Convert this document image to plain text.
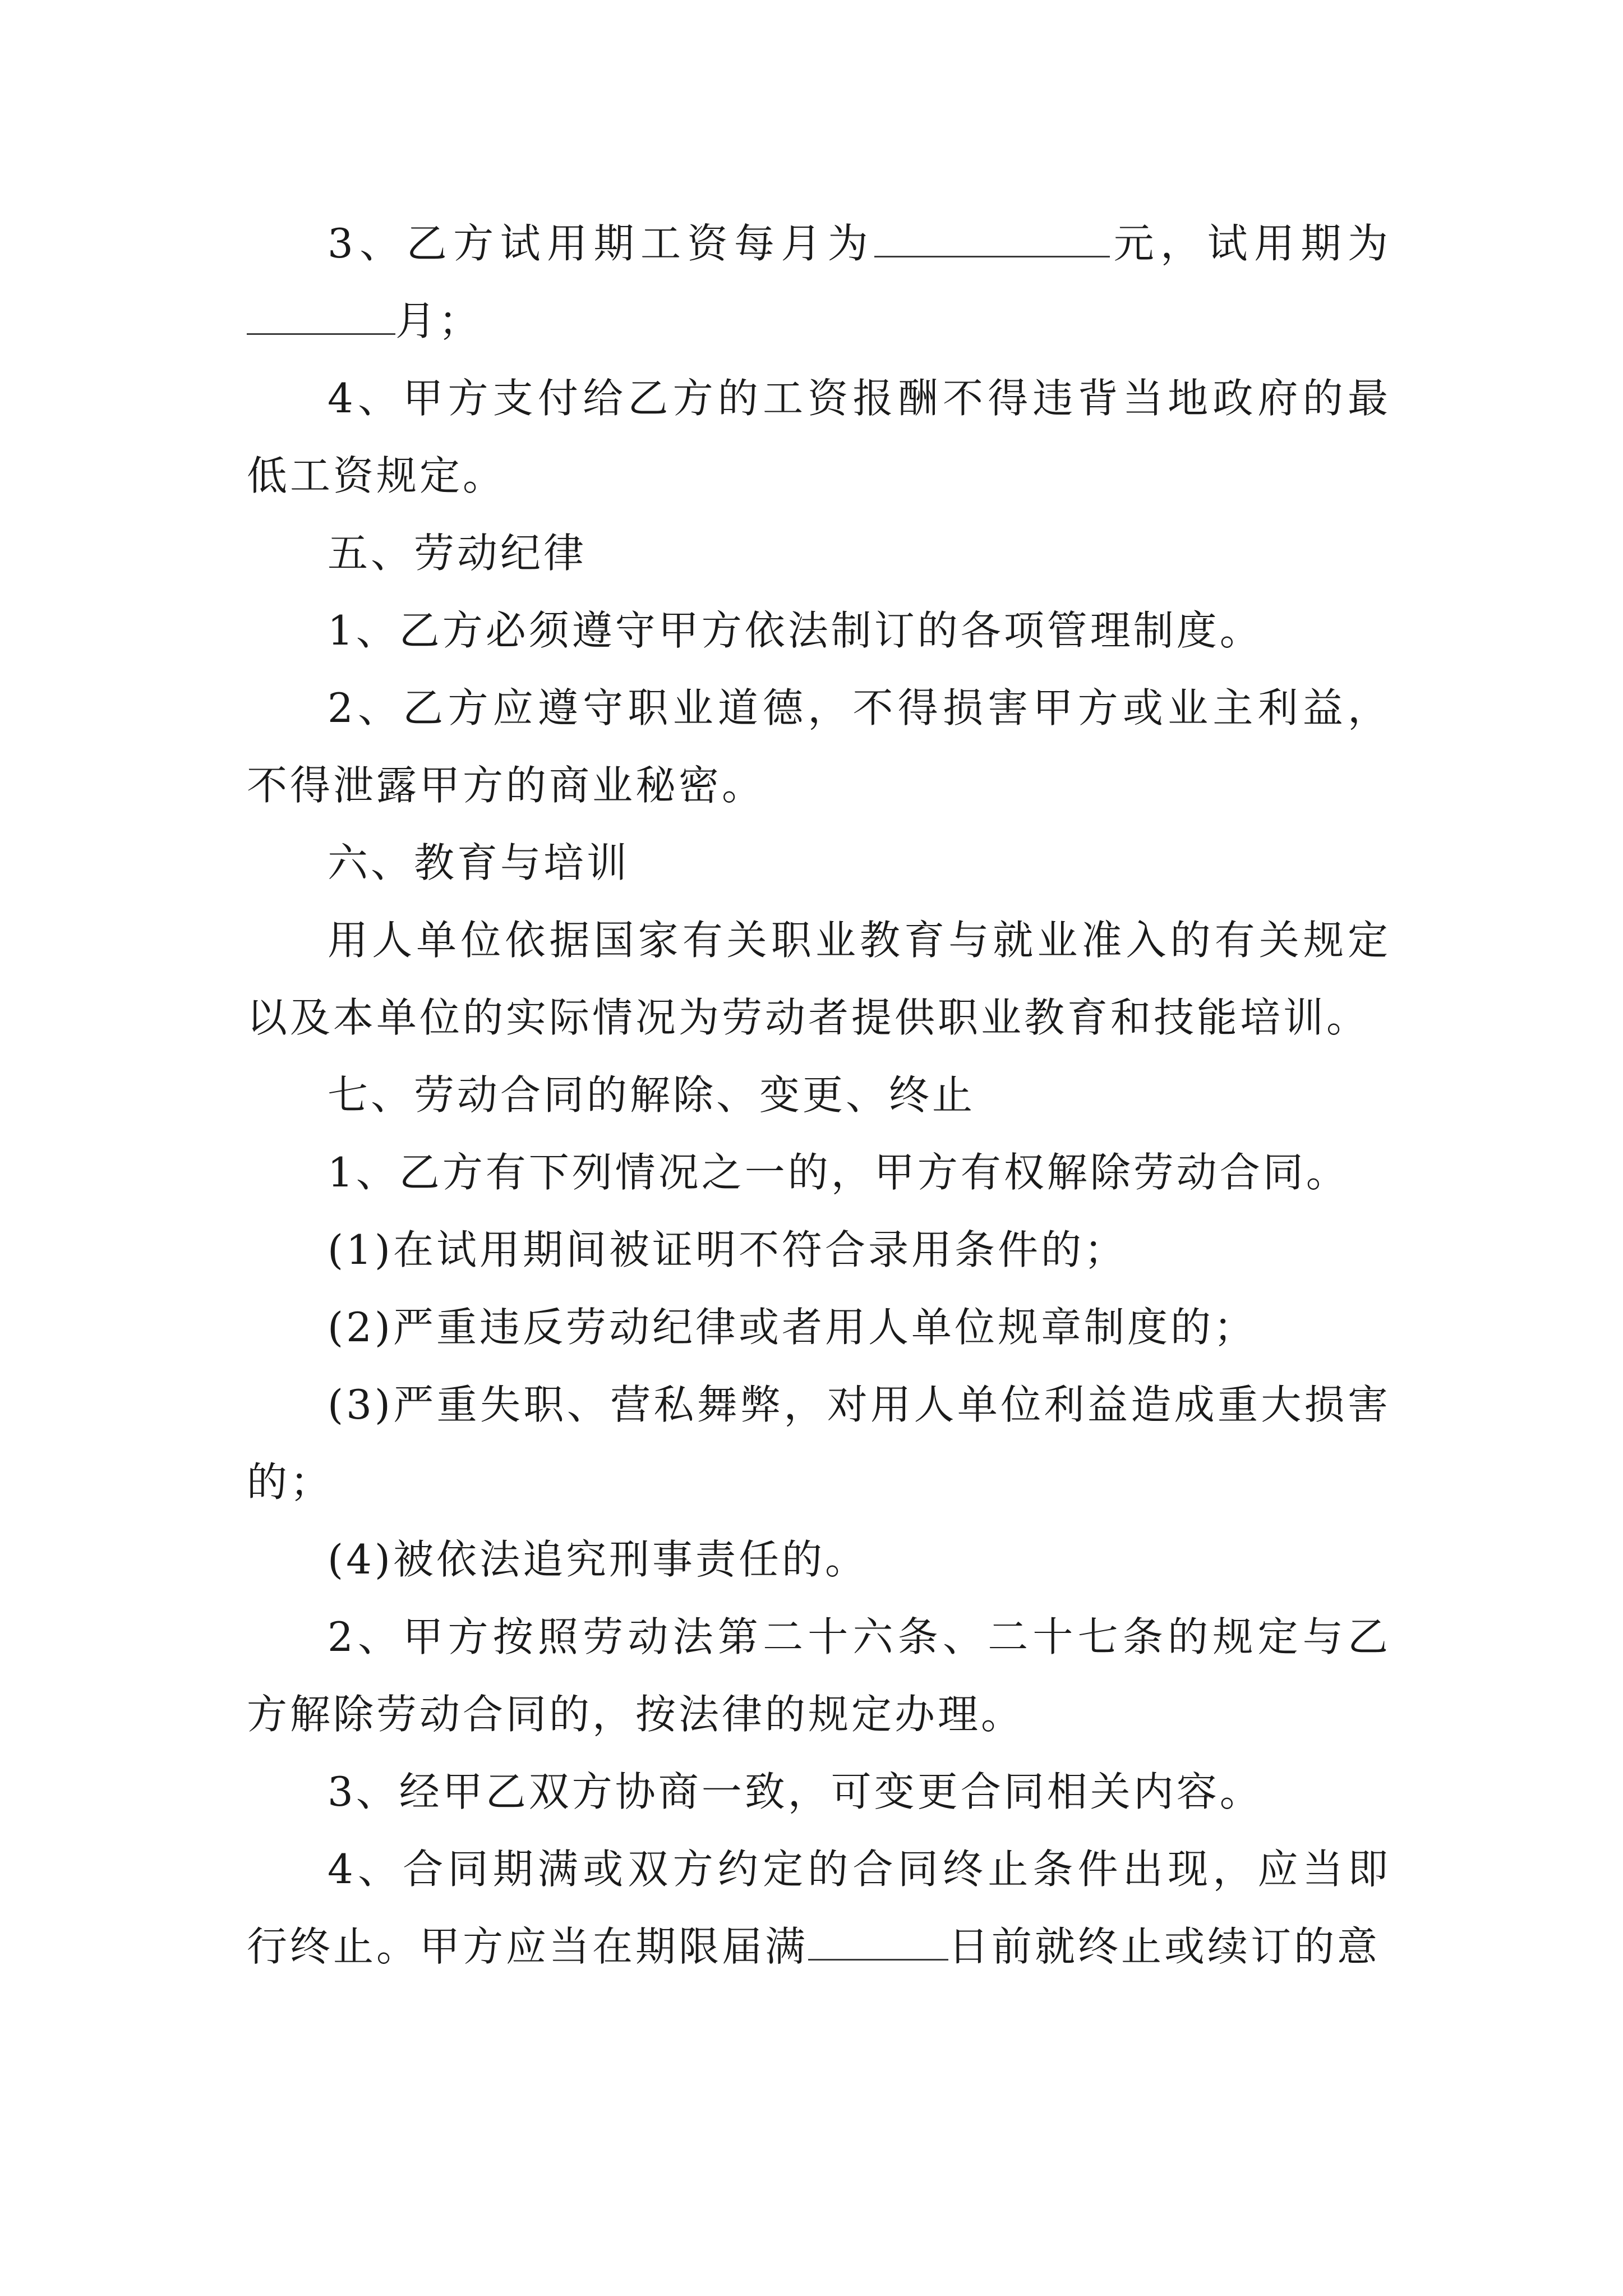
3、乙方试用期工资每月为	元，试用期为月；

4、甲方支付给乙方的工资报酬不得违背当地政府的最低工资规定。

五、劳动纪律

1、乙方必须遵守甲方依法制订的各项管理制度。

2、乙方应遵守职业道德，不得损害甲方或业主利益，不得泄露甲方的商业秘密。

六、教育与培训

用人单位依据国家有关职业教育与就业准入的有关规定以及本单位的实际情况为劳动者提供职业教育和技能培训。

七、劳动合同的解除、变更、终止

1、乙方有下列情况之一的，甲方有权解除劳动合同。

(1)在试用期间被证明不符合录用条件的；

(2)严重违反劳动纪律或者用人单位规章制度的；

(3)严重失职、营私舞弊，对用人单位利益造成重大损害的；

(4)被依法追究刑事责任的。

2、甲方按照劳动法第二十六条、二十七条的规定与乙方解除劳动合同的，按法律的规定办理。

3、经甲乙双方协商一致，可变更合同相关内容。

4、合同期满或双方约定的合同终止条件出现，应当即行终止。甲方应当在期限届满	日前就终止或续订的意
